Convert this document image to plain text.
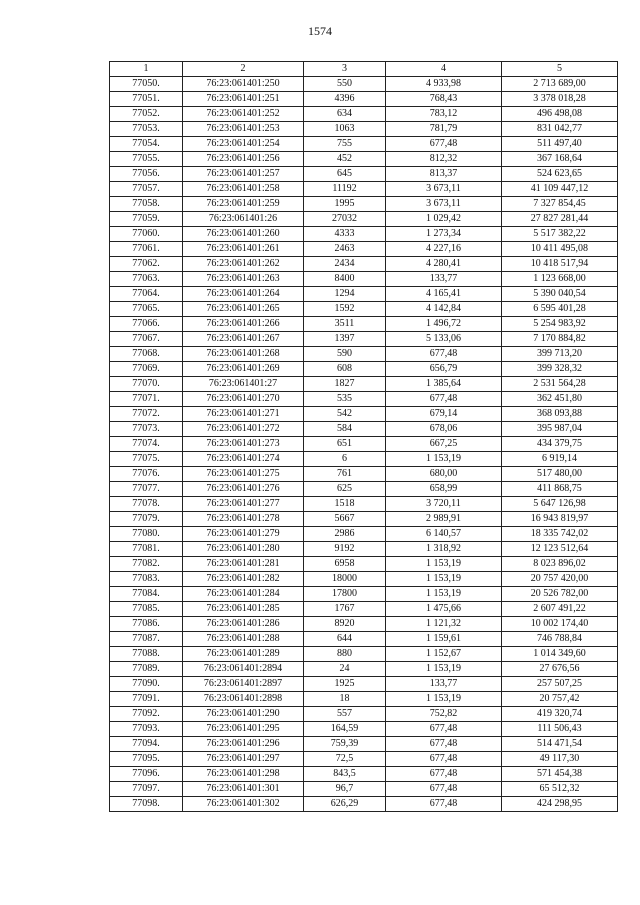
1574
1	2	3	4	5
77050.	76:23:061401:250	550	4 933,98	2 713 689,00
77051.	76:23:061401:251	4396	768,43	3 378 018,28
77052.	76:23:061401:252	634	783,12	496 498,08
77053.	76:23:061401:253	1063	781,79	831 042,77
77054.	76:23:061401:254	755	677,48	511 497,40
77055.	76:23:061401:256	452	812,32	367 168,64
77056.	76:23:061401:257	645	813,37	524 623,65
77057.	76:23:061401:258	11192	3 673,11	41 109 447,12
77058.	76:23:061401:259	1995	3 673,11	7 327 854,45
77059.	76:23:061401:26	27032	1 029,42	27 827 281,44
77060.	76:23:061401:260	4333	1 273,34	5 517 382,22
77061.	76:23:061401:261	2463	4 227,16	10 411 495,08
77062.	76:23:061401:262	2434	4 280,41	10 418 517,94
77063.	76:23:061401:263	8400	133,77	1 123 668,00
77064.	76:23:061401:264	1294	4 165,41	5 390 040,54
77065.	76:23:061401:265	1592	4 142,84	6 595 401,28
77066.	76:23:061401:266	3511	1 496,72	5 254 983,92
77067.	76:23:061401:267	1397	5 133,06	7 170 884,82
77068.	76:23:061401:268	590	677,48	399 713,20
77069.	76:23:061401:269	608	656,79	399 328,32
77070.	76:23:061401:27	1827	1 385,64	2 531 564,28
77071.	76:23:061401:270	535	677,48	362 451,80
77072.	76:23:061401:271	542	679,14	368 093,88
77073.	76:23:061401:272	584	678,06	395 987,04
77074.	76:23:061401:273	651	667,25	434 379,75
77075.	76:23:061401:274	6	1 153,19	6 919,14
77076.	76:23:061401:275	761	680,00	517 480,00
77077.	76:23:061401:276	625	658,99	411 868,75
77078.	76:23:061401:277	1518	3 720,11	5 647 126,98
77079.	76:23:061401:278	5667	2 989,91	16 943 819,97
77080.	76:23:061401:279	2986	6 140,57	18 335 742,02
77081.	76:23:061401:280	9192	1 318,92	12 123 512,64
77082.	76:23:061401:281	6958	1 153,19	8 023 896,02
77083.	76:23:061401:282	18000	1 153,19	20 757 420,00
77084.	76:23:061401:284	17800	1 153,19	20 526 782,00
77085.	76:23:061401:285	1767	1 475,66	2 607 491,22
77086.	76:23:061401:286	8920	1 121,32	10 002 174,40
77087.	76:23:061401:288	644	1 159,61	746 788,84
77088.	76:23:061401:289	880	1 152,67	1 014 349,60
77089.	76:23:061401:2894	24	1 153,19	27 676,56
77090.	76:23:061401:2897	1925	133,77	257 507,25
77091.	76:23:061401:2898	18	1 153,19	20 757,42
77092.	76:23:061401:290	557	752,82	419 320,74
77093.	76:23:061401:295	164,59	677,48	111 506,43
77094.	76:23:061401:296	759,39	677,48	514 471,54
77095.	76:23:061401:297	72,5	677,48	49 117,30
77096.	76:23:061401:298	843,5	677,48	571 454,38
77097.	76:23:061401:301	96,7	677,48	65 512,32
77098.	76:23:061401:302	626,29	677,48	424 298,95
